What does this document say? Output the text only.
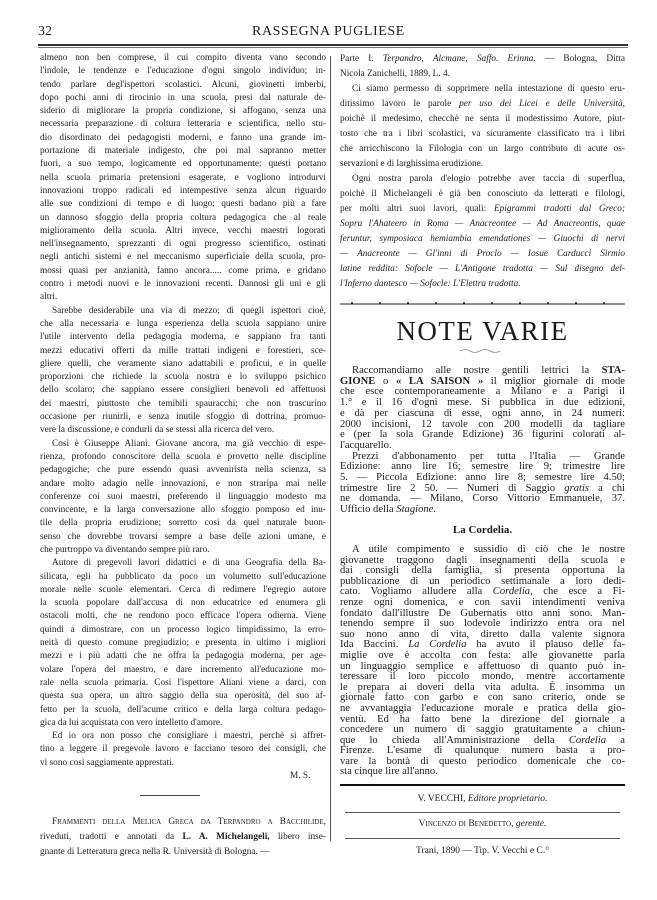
32	RASSEGNA PUGLIESE
almeno non ben comprese, il cui compito diventa vano secondo
l'indole, le tendenze e l'educazione d'ogni singolo individuo; in-
tendo parlare degl'ispettori scolastici. Alcuni, giovinetti imberbi,
dopo pochi anni di tirocinio in una scuola, presi dal naturale de-
siderio di migliorare la propria condizione, si affogano, senza una
necessaria preparazione di coltura letteraria e scientifica, nello stu-
dio disordinato dei pedagogisti moderni, e fanno una grande im-
portazione di materiale indigesto, che poi mal sapranno metter
fuori, a suo tempo, logicamente ed opportunamente: questi portano
nella scuola primaria pretensioni esagerate, e vogliono introdurvi
innovazioni troppo radicali ed intempestive senza alcun riguardo
alle sue condizioni di tempo e di luogo; questi badano più a fare
un dannoso sfoggio della propria coltura pedagogica che al reale
miglioramento della scuola. Altri invece, vecchi maestri logorati
nell'insegnamento, sprezzanti di ogni progresso scientifico, ostinati
negli antichi sistemi e nel meccanismo superficiale della scuola, pro-
mossi quasi per anzianità, fanno ancora..... come prima, e gridano
contro i metodi nuovi e le innovazioni recenti. Dannosi gli uni e gli
altri.
Sarebbe desiderabile una via di mezzo; di quegli ispettori cioè,
che alla necessaria e lunga esperienza della scuola sappiano unire
l'utile intervento della pedagogia moderna, e sappiano fra tanti
mezzi educativi offerti da mille trattati indigeni e forestieri, sce-
gliere quelli, che veramente siano adattabili e proficui, e in quelle
proporzioni che richiede la scuola nostra e lo sviluppo psichico
dello scolaro; che sappiano essere consiglieri benevoli ed affettuosi
dei maestri, piuttosto che temibili spauracchi; che non trascurino
occasione per riunirli, e senza inutile sfoggio di dottrina, promuo-
vere la discussione, e condurli da se stessi alla ricerca del vero.
Così è Giuseppe Aliani. Giovane ancora, ma già vecchio di espe-
rienza, profondo conoscitore della scuola e provetto nelle discipline
pedagogiche; che pure essendo quasi avvenirista nella scienza, sa
andare molto adagio nelle innovazioni, e non straripa mai nelle
conferenze coi suoi maestri, preferendo il linguaggio modesto ma
convincente, e la larga conversazione allo sfoggio pomposo ed inu-
tile della propria erudizione; sorretto così da quel naturale buon-
senso che dovrebbe trovarsi sempre a base delle azioni umane, e
che purtroppo va diventando sempre più raro.
Autore di pregevoli lavori didattici e di una Geografia della Ba-
silicata, egli ha pubblicato da poco un volumetto sull'educazione
morale nelle scuole elementari. Cerca di redimere l'egregio autore
la scuola popolare dall'accusa di non educatrice ed enumera gli
ostacoli molti, che ne rendono poco efficace l'opera odierna. Viene
quindi a dimostrare, con un processo logico limpidissimo, la erro-
neità di questo comune pregiudizio; e presenta in ultimo i migliori
mezzi e i più adatti che ne offra la pedagogia moderna, per age-
volare l'opera del maestro, e dare incremento all'educazione mo-
rale nella scuola primaria. Così l'ispettore Aliani viene a darci, con
questa sua opera, un altro saggio della sua operosità, del suo af-
fetto per la scuola, dell'acume critico e della larga coltura pedago-
gica da lui acquistata con vero intelletto d'amore.
Ed io ora non posso che consigliare i maestri, perchè si affret-
tino a leggere il pregevole lavoro e facciano tesoro dei consigli, che
vi sono così saggiamente apprestati.
M. S.
Frammenti della Melica Greca da Terpandro a Bacchilide,
riveduti, tradotti e annotati da L. A. Michelangeli, libero inse-
gnante di Letteratura greca nella R. Università di Bologna. —
Parte I. Terpandro, Alcmane, Saffo. Erinna. — Bologna, Ditta
Nicola Zanichelli, 1889, L. 4.
Ci siamo permesso di sopprimere nella intestazione di questo eru-
ditissimo lavoro le parole per uso dei Licei e delle Università,
poichè il medesimo, checchè ne senta il modestissimo Autore, piut-
tosto che tra i libri scolastici, va sicuramente classificato tra i libri
che arricchiscono la Filologia con un largo contributo di acute os-
servazioni e di larghissima erudizione.
Ogni nostra parola d'elogio potrebbe aver taccia di superflua,
poichè il Michelangeli è già ben conosciuto da letterati e filologi,
per molti altri suoi lavori, quali: Epigrammi tradotti dal Greco;
Sopra l'Ahateero in Roma — Anacreontee — Ad Anacreontis, quae
feruntur, symposiaca hemiambia emendationes — Giuochi di nervi
— Anacreonte — Gl'inni di Proclo — Iosue Carducci Sirmio
latine reddita: Sofocle — L'Antigone tradotta — Sul disegno del-
l'Inferno dantesco — Sofocle: L'Elettra tradotta.
NOTE VARIE
Raccomandiamo alle nostre gentili lettrici la STA-
GIONE o « LA SAISON » il miglior giornale di mode
che esce contemporaneamente a Milano e a Parigi il
1.° e il 16 d'ogni mese. Si pubblica in due edizioni,
e dà per ciascuna di esse, ogni anno, in 24 numeri:
2000 incisioni, 12 tavole con 200 modelli da tagliare
e (per la sola Grande Edizione) 36 figurini colorati al-
l'acquarello.
Prezzi d'abbonamento per tutta l'Italia — Grande
Edizione: anno lire 16; semestre lire 9; trimestre lire
5. — Piccola Edizione: anno lire 8; semestre lire 4.50;
trimestre lire 2 50. — Numeri di Saggio gratis a chi
ne domanda. — Milano, Corso Vittorio Emmanuele, 37.
Ufficio della Stagione.
La Cordelia.
A utile compimento e sussidio di ciò che le nostre
giovanette traggono dagli insegnamenti della scuola e
dai consigli della famiglia, si presenta opportuna la
pubblicazione di un periodico settimanale a loro dedi-
cato. Vogliamo alludere alla Cordelia, che esce a Fi-
renze ogni domenica, e con savii intendimenti veniva
fondato dall'illustre De Gubernatis otto anni sono. Man-
tenendo sempre il suo lodevole indirizzo entra ora nel
suo nono anno di vita, diretto dalla valente signora
Ida Baccini. La Cordelia ha avuto il plauso delle fa-
miglie ove è accolta con festa: alle giovanette parla
un linguaggio semplice e affettuoso di quanto può in-
teressare il loro piccolo mondo, mentre accortamente
le prepara ai doveri della vita adulta. È insomma un
giornale fatto con garbo e con sano criterio, onde se
ne avvantaggia l'educazione morale e pratica della gio-
ventù. Ed ha fatto bene la direzione del giornale a
concedere un numero di saggio gratuitamente a chiun-
que lo chieda all'Amministrazione della Cordelia a
Firenze. L'esame di qualunque numero basta a pro-
vare la bontà di questo periodico domenicale che co-
sta cinque lire all'anno.
V. VECCHI, Editore proprietario.
Vincenzo di Benedetto, gerente.
Trani, 1890 — Tip. V. Vecchi e C.°
